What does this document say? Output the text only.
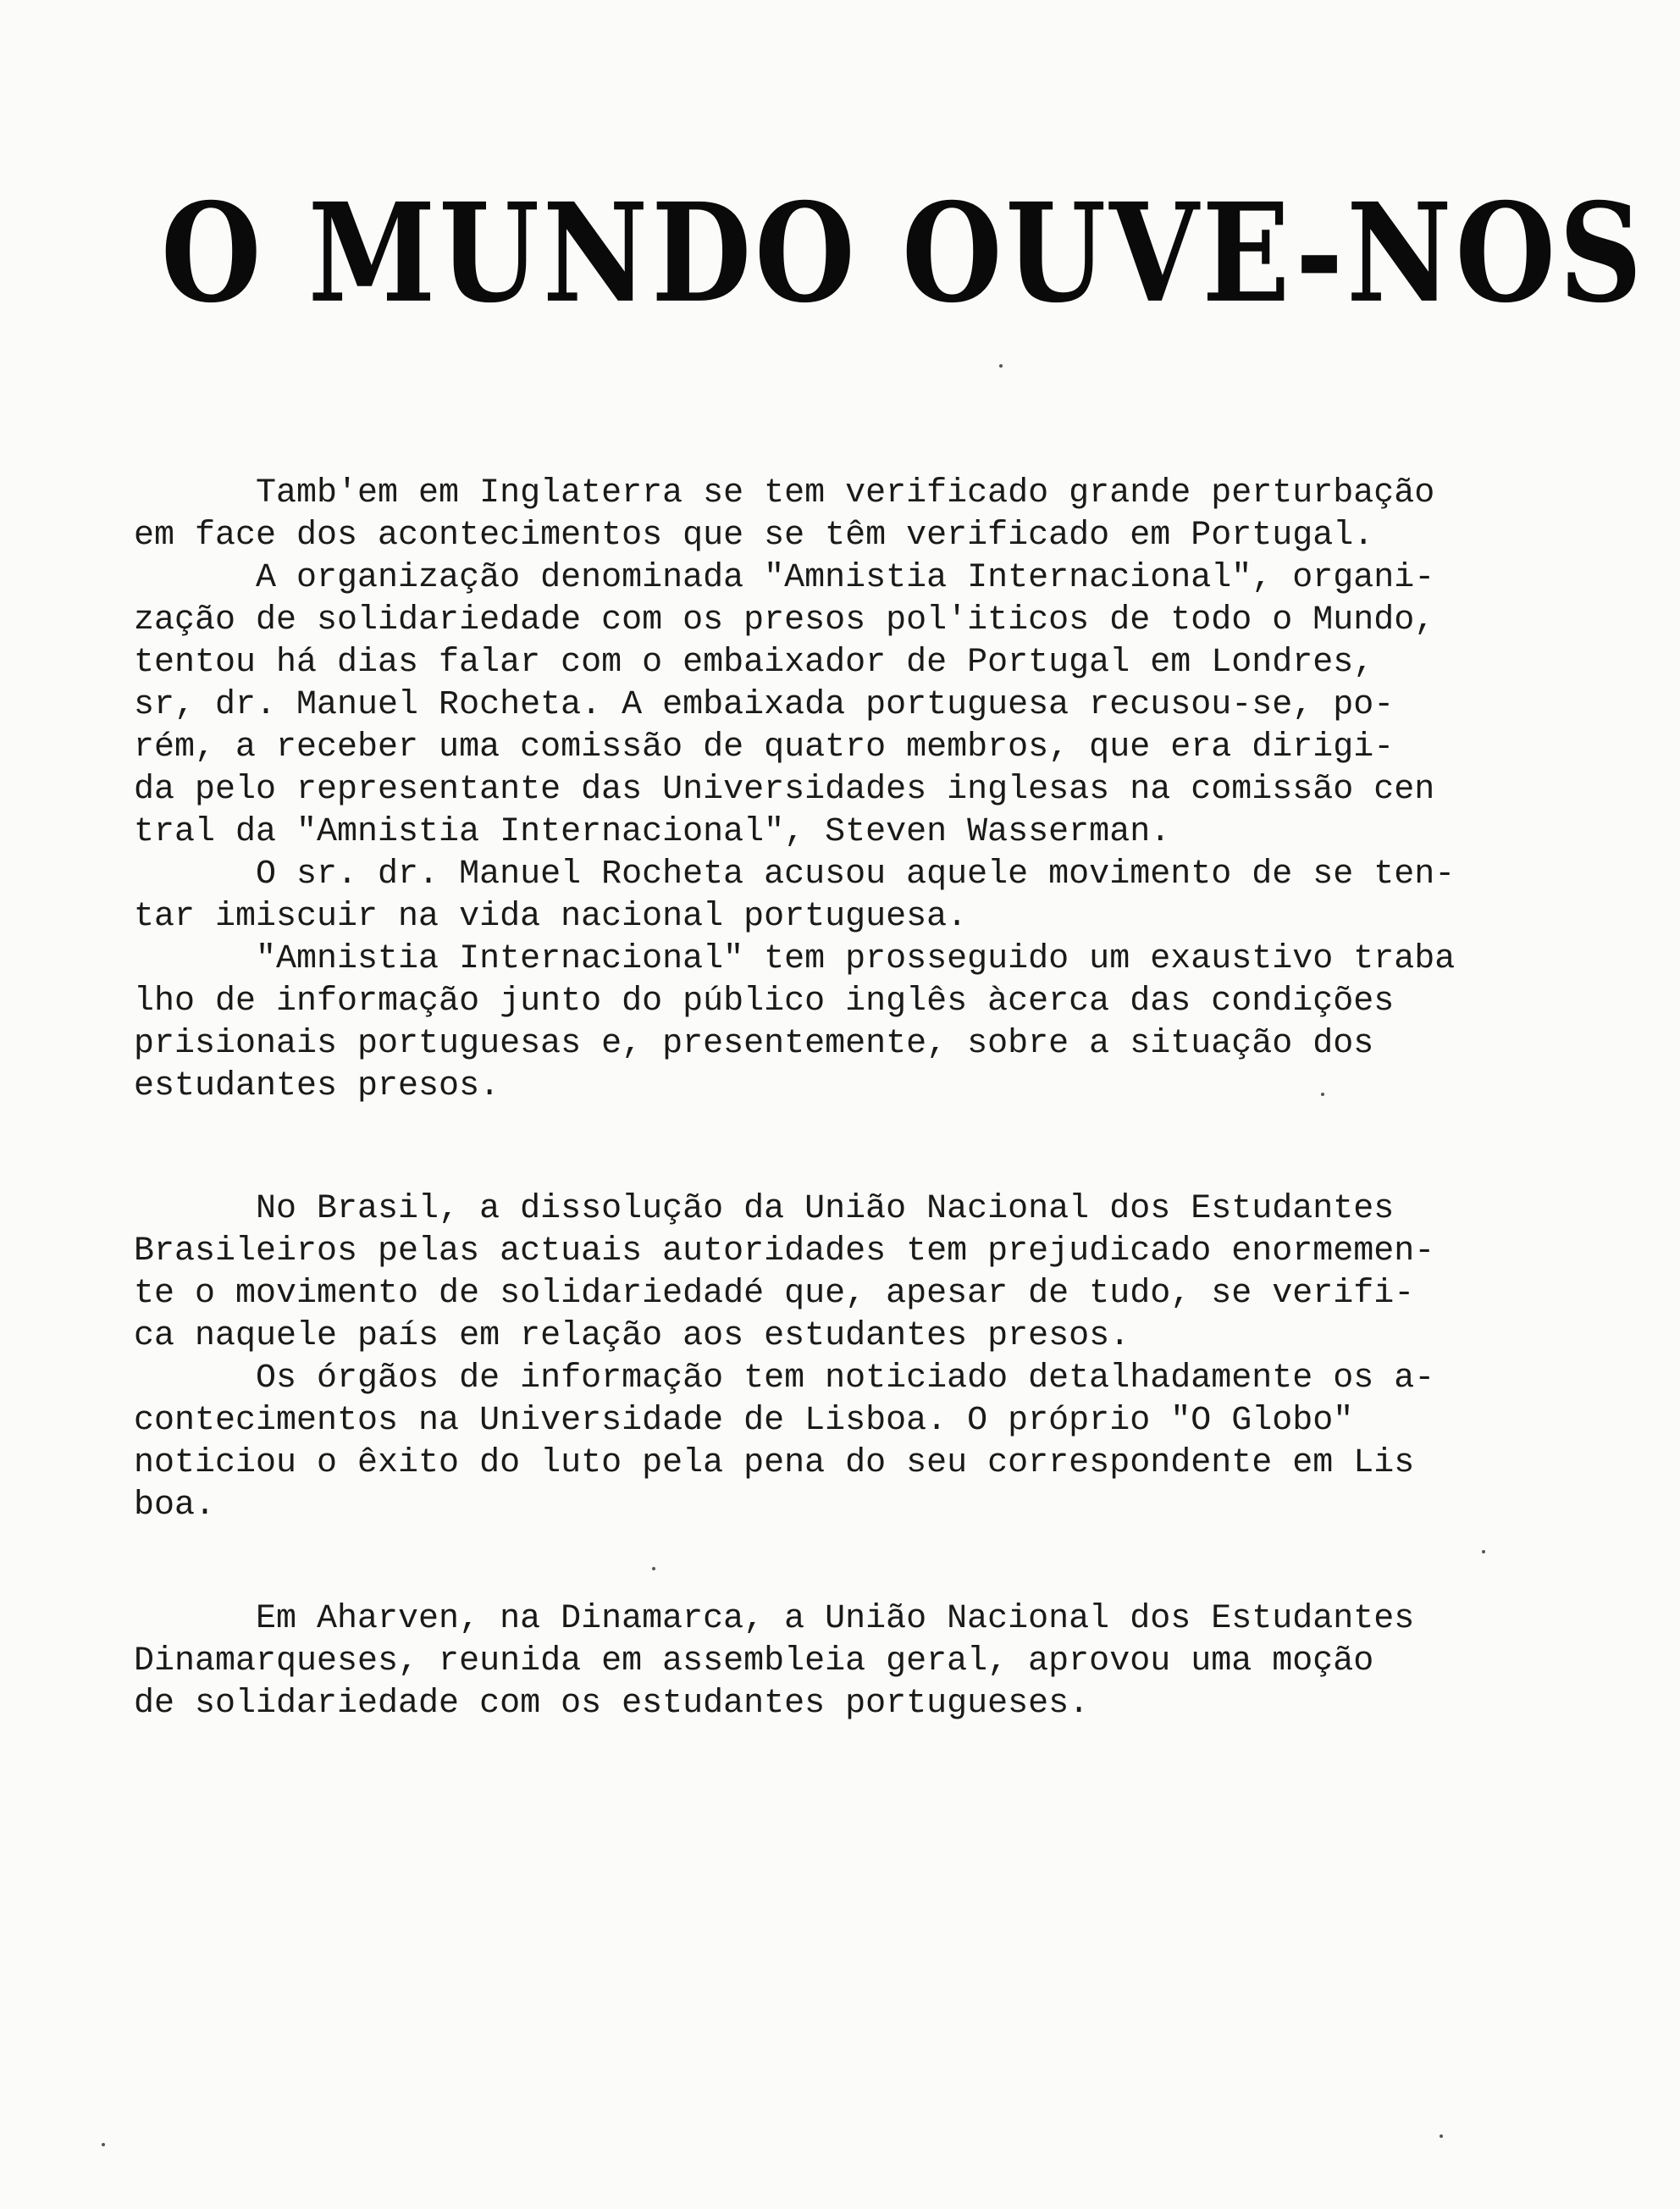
O MUNDO OUVE-NOS

Tamb'em em Inglaterra se tem verificado grande perturbação
em face dos acontecimentos que se têm verificado em Portugal.

A organização denominada "Amnistia Internacional", organi-
zação de solidariedade com os presos pol'iticos de todo o Mundo,
tentou há dias falar com o embaixador de Portugal em Londres,
sr, dr. Manuel Rocheta. A embaixada portuguesa recusou-se, po-
rém, a receber uma comissão de quatro membros, que era dirigi-
da pelo representante das Universidades inglesas na comissão cen
tral da "Amnistia Internacional", Steven Wasserman.

O sr. dr. Manuel Rocheta acusou aquele movimento de se ten-
tar imiscuir na vida nacional portuguesa.

"Amnistia Internacional" tem prosseguido um exaustivo traba
lho de informação junto do público inglês àcerca das condições
prisionais portuguesas e, presentemente, sobre a situação dos
estudantes presos.

No Brasil, a dissolução da União Nacional dos Estudantes
Brasileiros pelas actuais autoridades tem prejudicado enormemen-
te o movimento de solidariedadé que, apesar de tudo, se verifi-
ca naquele país em relação aos estudantes presos.

Os órgãos de informação tem noticiado detalhadamente os a-
contecimentos na Universidade de Lisboa. O próprio "O Globo"
noticiou o êxito do luto pela pena do seu correspondente em Lis
boa.

Em Aharven, na Dinamarca, a União Nacional dos Estudantes
Dinamarqueses, reunida em assembleia geral, aprovou uma moção
de solidariedade com os estudantes portugueses.
